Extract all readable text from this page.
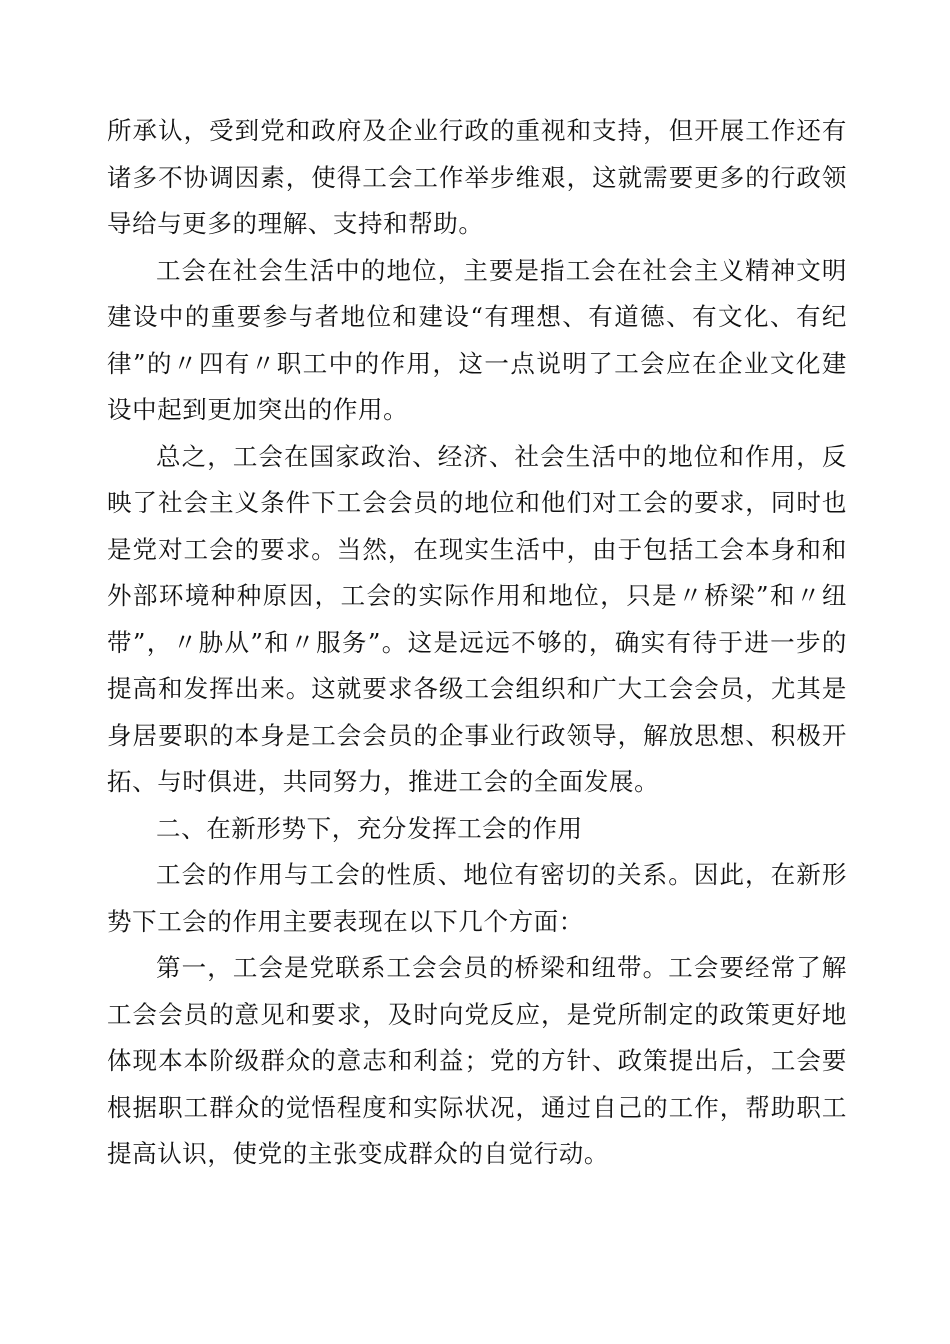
所承认，受到党和政府及企业行政的重视和支持，但开展工作还有诸多不协调因素，使得工会工作举步维艰，这就需要更多的行政领导给与更多的理解、支持和帮助。

工会在社会生活中的地位，主要是指工会在社会主义精神文明建设中的重要参与者地位和建设“有理想、有道德、有文化、有纪律”的〃四有〃职工中的作用，这一点说明了工会应在企业文化建设中起到更加突出的作用。

总之，工会在国家政治、经济、社会生活中的地位和作用，反映了社会主义条件下工会会员的地位和他们对工会的要求，同时也是党对工会的要求。当然，在现实生活中，由于包括工会本身和和外部环境种种原因，工会的实际作用和地位，只是〃桥梁”和〃纽带”，〃胁从”和〃服务”。这是远远不够的，确实有待于进一步的提高和发挥出来。这就要求各级工会组织和广大工会会员，尤其是身居要职的本身是工会会员的企事业行政领导，解放思想、积极开拓、与时俱进，共同努力，推进工会的全面发展。

二、在新形势下，充分发挥工会的作用

工会的作用与工会的性质、地位有密切的关系。因此，在新形势下工会的作用主要表现在以下几个方面：

第一，工会是党联系工会会员的桥梁和纽带。工会要经常了解工会会员的意见和要求，及时向党反应，是党所制定的政策更好地体现本本阶级群众的意志和利益；党的方针、政策提出后，工会要根据职工群众的觉悟程度和实际状况，通过自己的工作，帮助职工提高认识，使党的主张变成群众的自觉行动。
